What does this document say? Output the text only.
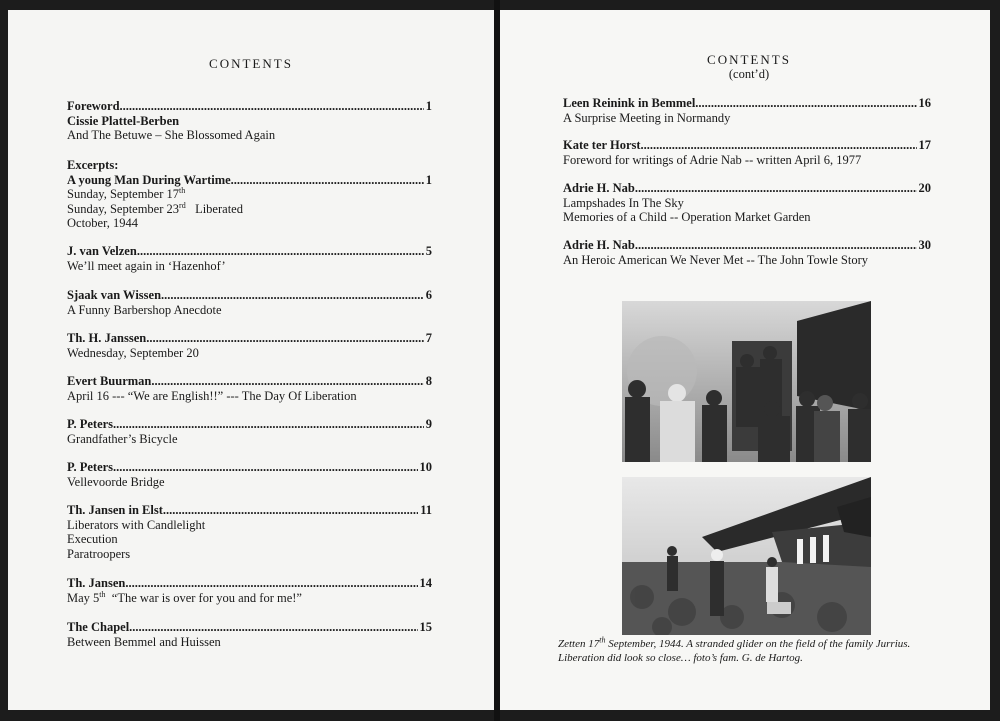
CONTENTS
Foreword .....	1
Cissie Plattel-Berben
And The Betuwe – She Blossomed Again
Excerpts:
A young Man During Wartime .....	1
Sunday, September 17th
Sunday, September 23rd Liberated
October, 1944
J. van Velzen .....	5
We’ll meet again in ‘Hazenhof’
Sjaak van Wissen .....	6
A Funny Barbershop Anecdote
Th. H. Janssen .....	7
Wednesday, September 20
Evert Buurman .....	8
April 16 --- “We are English!!” --- The Day Of Liberation
P. Peters .....	9
Grandfather’s Bicycle
P. Peters .....	10
Vellevoorde Bridge
Th. Jansen in Elst .....	11
Liberators with Candlelight
Execution
Paratroopers
Th. Jansen .....	14
May 5th “The war is over for you and for me!”
The Chapel .....	15
Between Bemmel and Huissen
CONTENTS
(cont’d)
Leen Reinink in Bemmel .....	16
A Surprise Meeting in Normandy
Kate ter Horst .....	17
Foreword for writings of Adrie Nab -- written April 6, 1977
Adrie H. Nab .....	20
Lampshades In The Sky
Memories of a Child -- Operation Market Garden
Adrie H. Nab .....	30
An Heroic American We Never Met -- The John Towle Story
Zetten 17th September, 1944. A stranded glider on the field of the family Jurrius.
Liberation did look so close… foto’s fam. G. de Hartog.
